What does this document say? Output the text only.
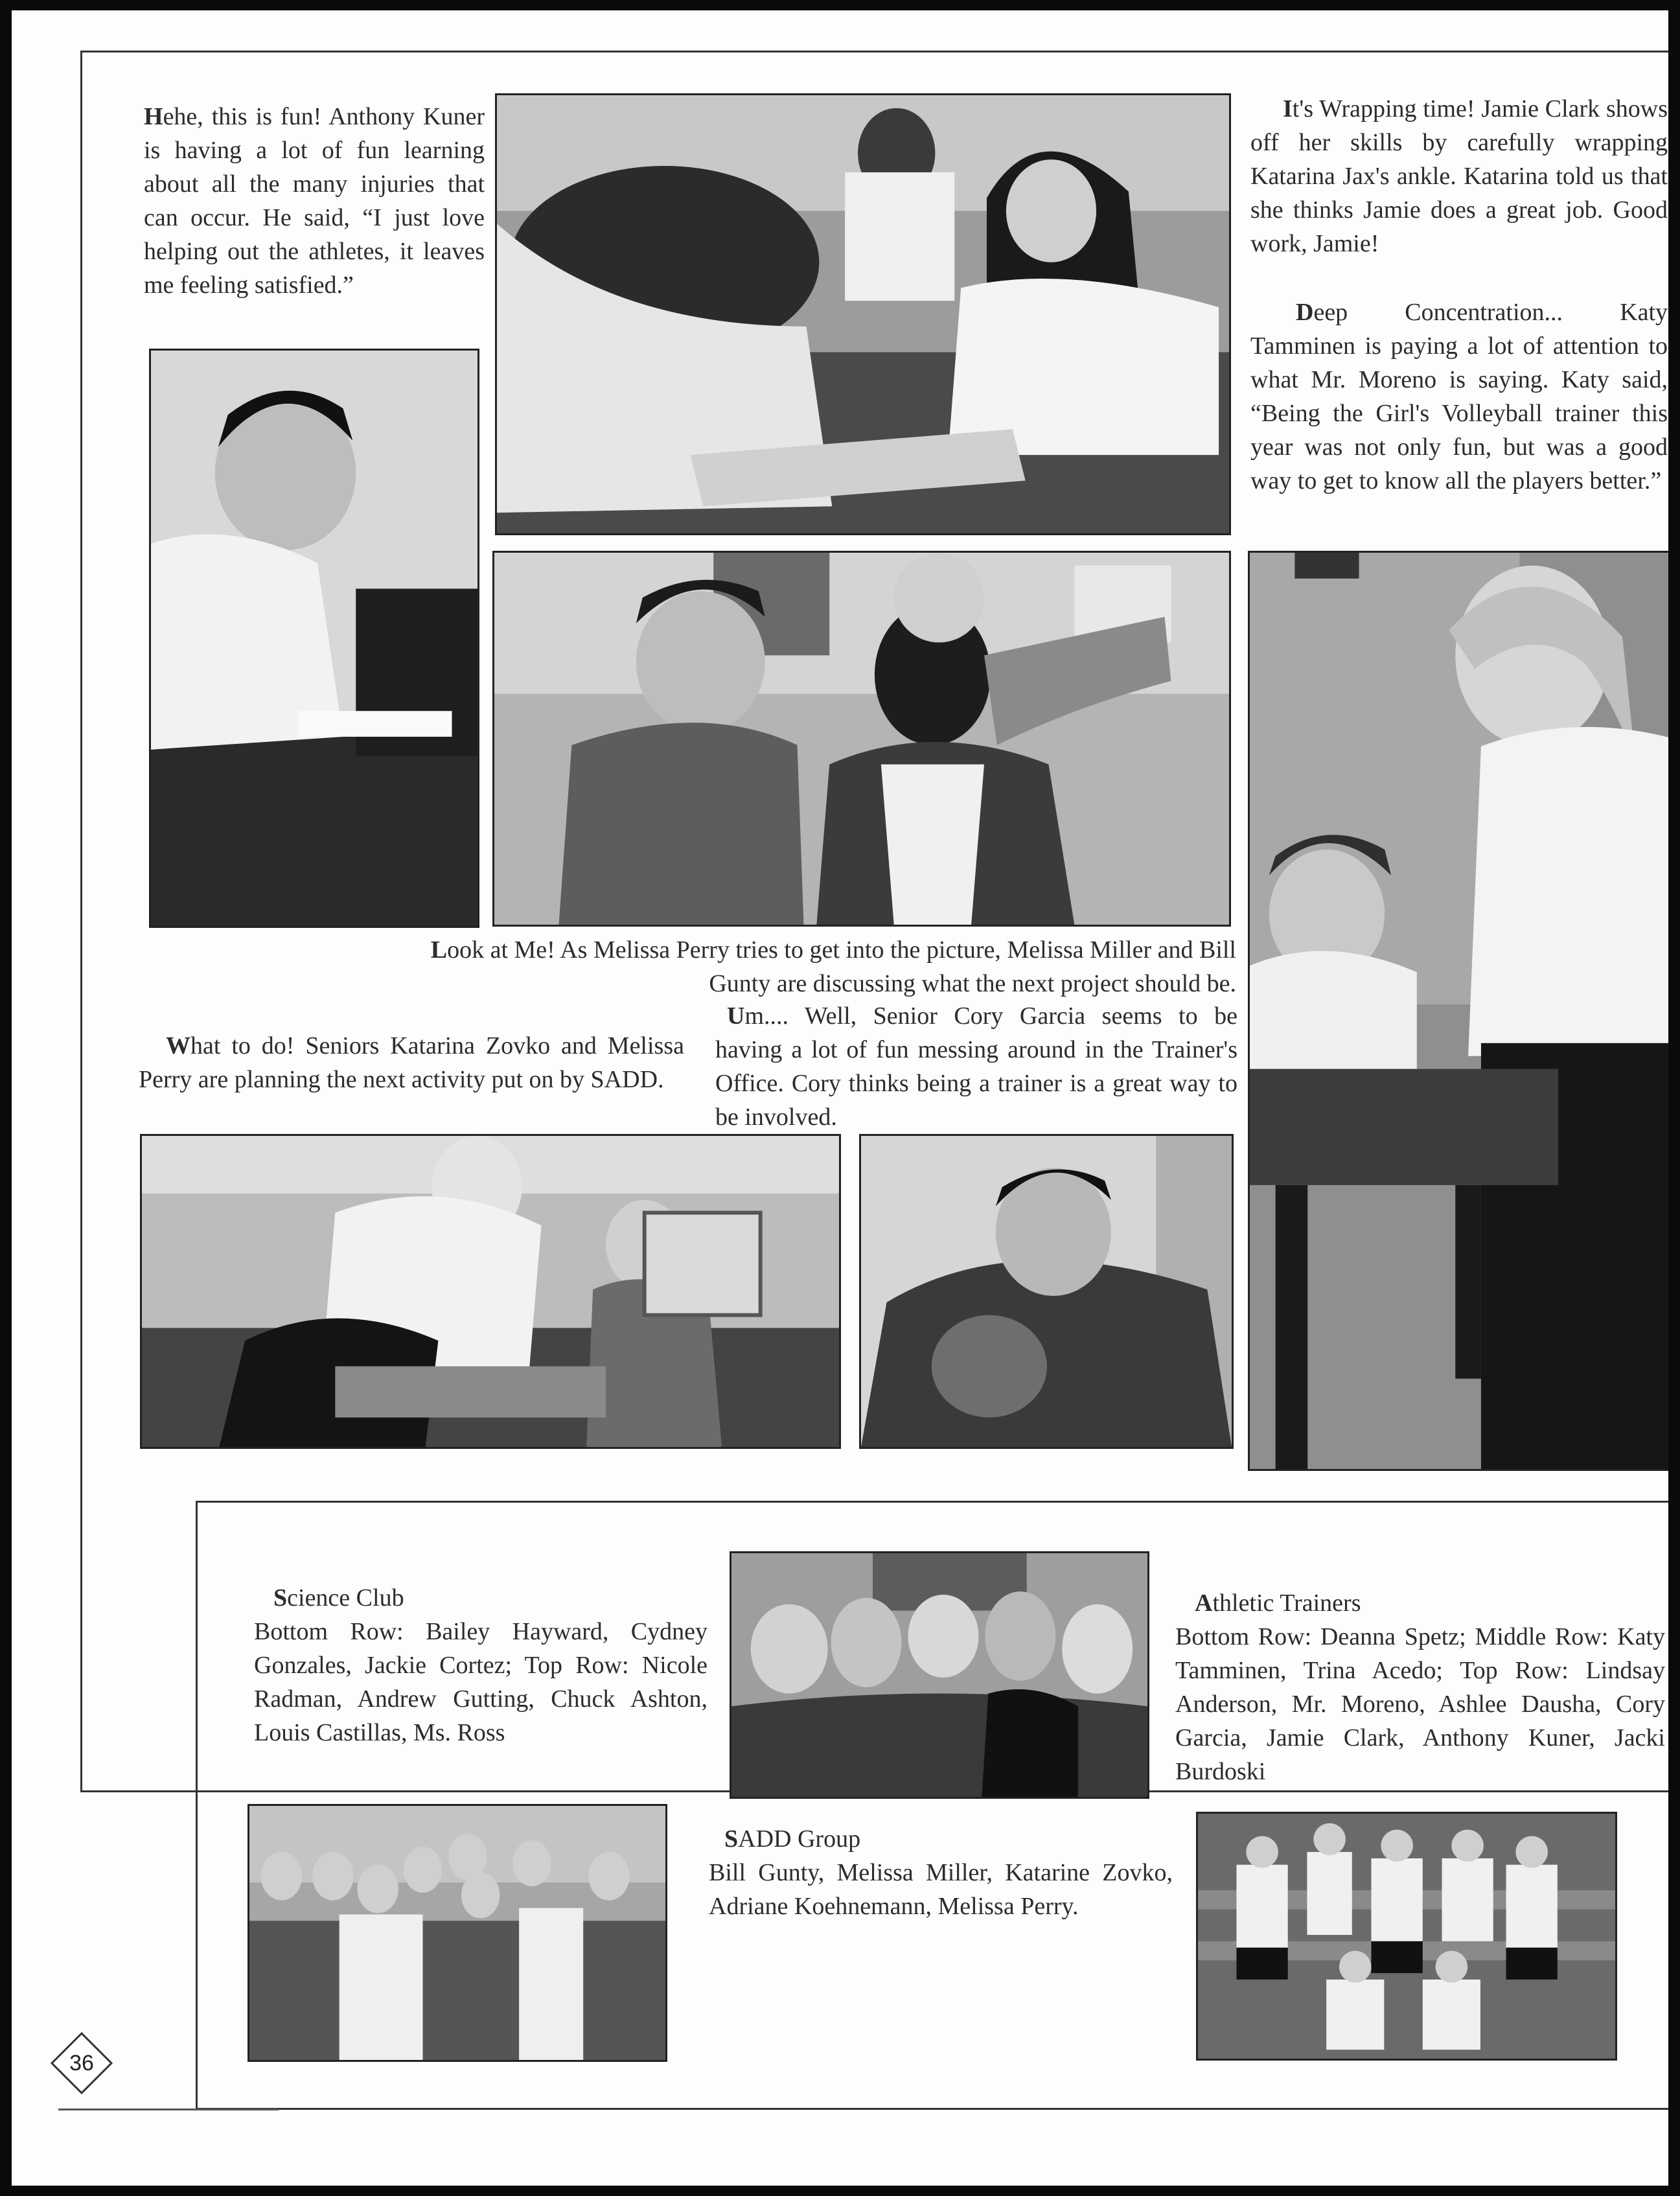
Hehe, this is fun! Anthony Kuner is having a lot of fun learning about all the many injuries that can occur. He said, “I just love helping out the athletes, it leaves me feeling satisfied.”

It's Wrapping time! Jamie Clark shows off her skills by carefully wrapping Katarina Jax's ankle. Katarina told us that she thinks Jamie does a great job. Good work, Jamie!

Deep Concentration... Katy Tamminen is paying a lot of attention to what Mr. Moreno is saying. Katy said, “Being the Girl's Volleyball trainer this year was not only fun, but was a good way to get to know all the players better.”

Look at Me! As Melissa Perry tries to get into the picture, Melissa Miller and Bill Gunty are discussing what the next project should be.

What to do! Seniors Katarina Zovko and Melissa Perry are planning the next activity put on by SADD.

Um.... Well, Senior Cory Garcia seems to be having a lot of fun messing around in the Trainer's Office. Cory thinks being a trainer is a great way to be involved.

Science Club
Bottom Row: Bailey Hayward, Cydney Gonzales, Jackie Cortez; Top Row: Nicole Radman, Andrew Gutting, Chuck Ashton, Louis Castillas, Ms. Ross
SADD Group
Bill Gunty, Melissa Miller, Katarine Zovko, Adriane Koehnemann, Melissa Perry.
Athletic Trainers
Bottom Row: Deanna Spetz; Middle Row: Katy Tamminen, Trina Acedo; Top Row: Lindsay Anderson, Mr. Moreno, Ashlee Dausha, Cory Garcia, Jamie Clark, Anthony Kuner, Jacki Burdoski
36
